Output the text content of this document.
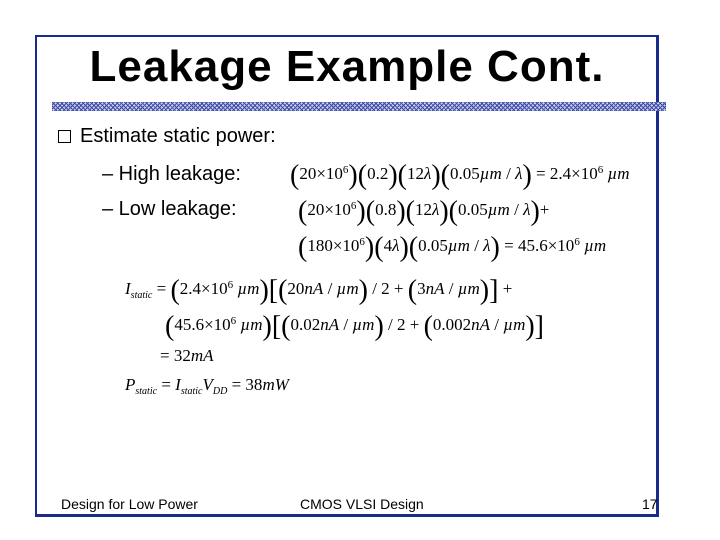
Leakage Example Cont.
Estimate static power:
– High leakage:
– Low leakage:
$(20\times 10^6)(0.2)(12\lambda)(0.05\mu m / \lambda) = 2.4\times 10^6$ µm
$(20\times 10^6)(0.8)(12\lambda)(0.05\mu m / \lambda)+$
$(180\times 10^6)(4\lambda)(0.05\mu m / \lambda) = 45.6\times 10^6$ µm
$I_{static} = (2.4\times 10^6$ µm)[(20nA / µm) / 2 + (3nA / µm)] +
($45.6\times 10^6$ µm)[(0.02nA / µm) / 2 + (0.002nA / µm)]
= 32mA
$P_{static} = I_{static}V_{DD} = 38mW$
Design for Low Power	CMOS VLSI Design	17
